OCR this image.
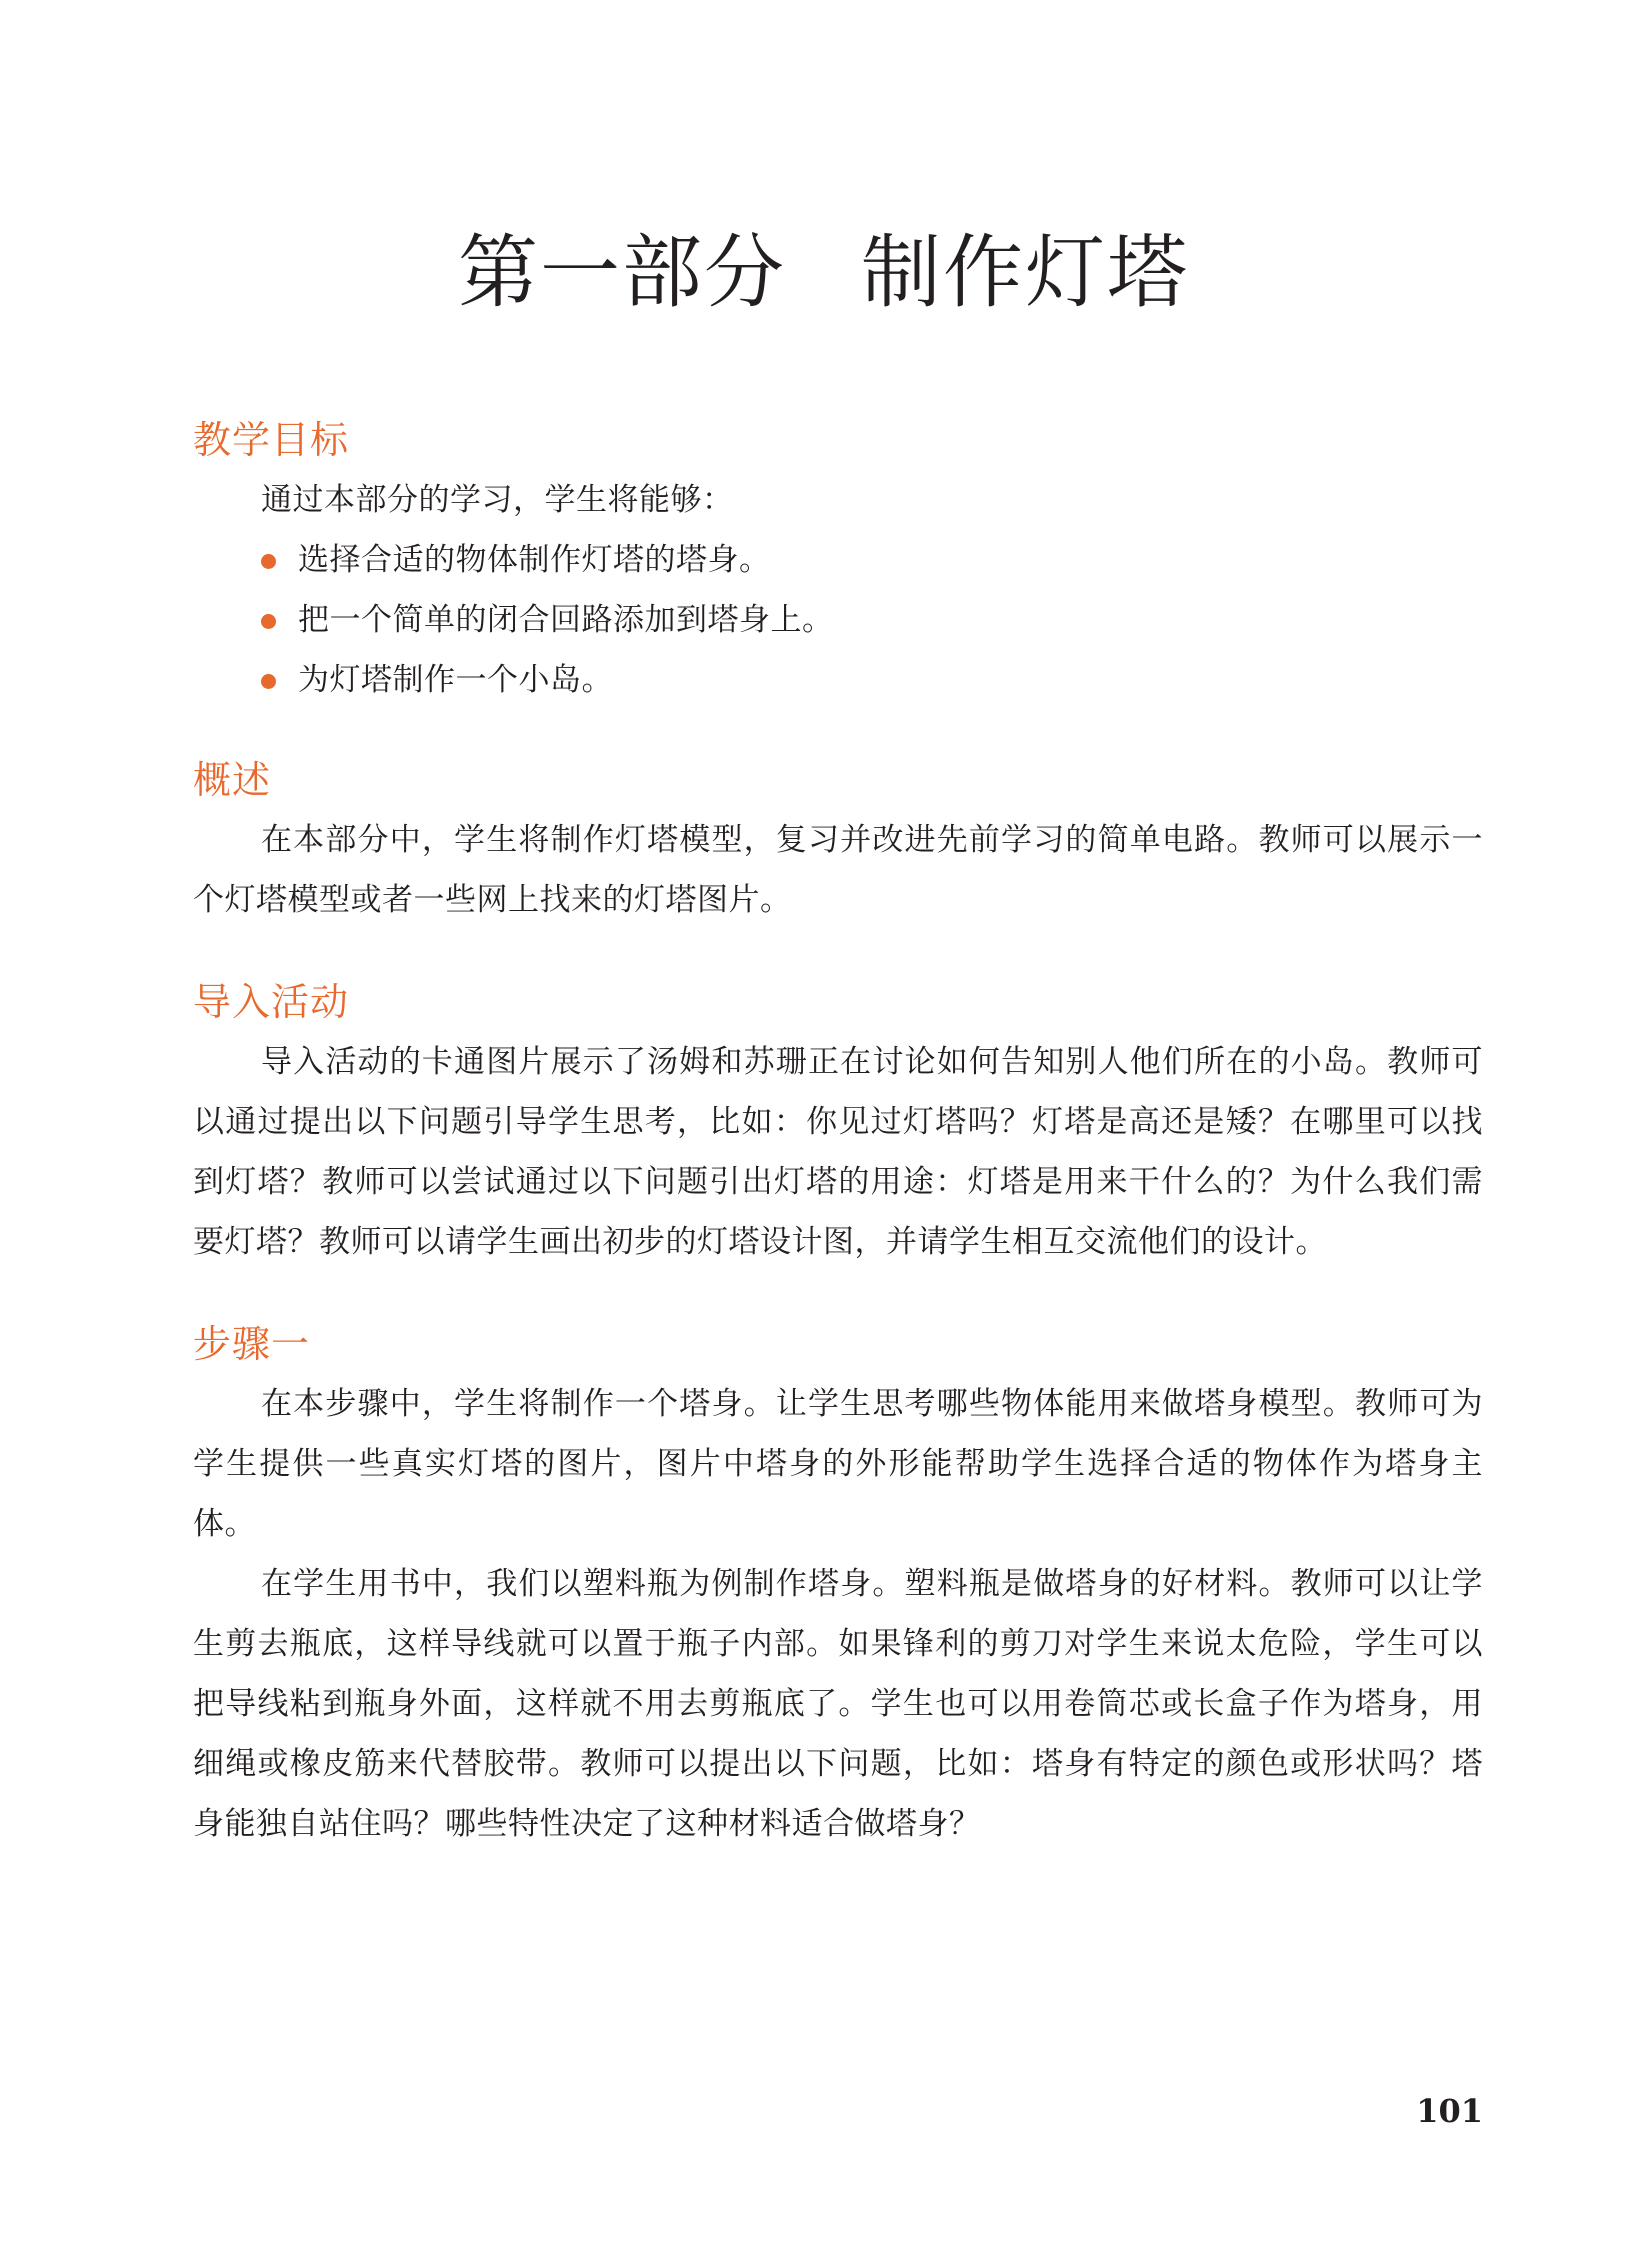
第一部分 制作灯塔
教学目标

通过本部分的学习，学生将能够：

选择合适的物体制作灯塔的塔身。
把一个简单的闭合回路添加到塔身上。
为灯塔制作一个小岛。
概述

在本部分中，学生将制作灯塔模型，复习并改进先前学习的简单电路。教师可以展示一个灯塔模型或者一些网上找来的灯塔图片。

导入活动

导入活动的卡通图片展示了汤姆和苏珊正在讨论如何告知别人他们所在的小岛。教师可以通过提出以下问题引导学生思考，比如：你见过灯塔吗？灯塔是高还是矮？在哪里可以找到灯塔？教师可以尝试通过以下问题引出灯塔的用途：灯塔是用来干什么的？为什么我们需要灯塔？教师可以请学生画出初步的灯塔设计图，并请学生相互交流他们的设计。

步骤一

在本步骤中，学生将制作一个塔身。让学生思考哪些物体能用来做塔身模型。教师可为学生提供一些真实灯塔的图片，图片中塔身的外形能帮助学生选择合适的物体作为塔身主体。

在学生用书中，我们以塑料瓶为例制作塔身。塑料瓶是做塔身的好材料。教师可以让学生剪去瓶底，这样导线就可以置于瓶子内部。如果锋利的剪刀对学生来说太危险，学生可以把导线粘到瓶身外面，这样就不用去剪瓶底了。学生也可以用卷筒芯或长盒子作为塔身，用细绳或橡皮筋来代替胶带。教师可以提出以下问题，比如：塔身有特定的颜色或形状吗？塔身能独自站住吗？哪些特性决定了这种材料适合做塔身？

101
